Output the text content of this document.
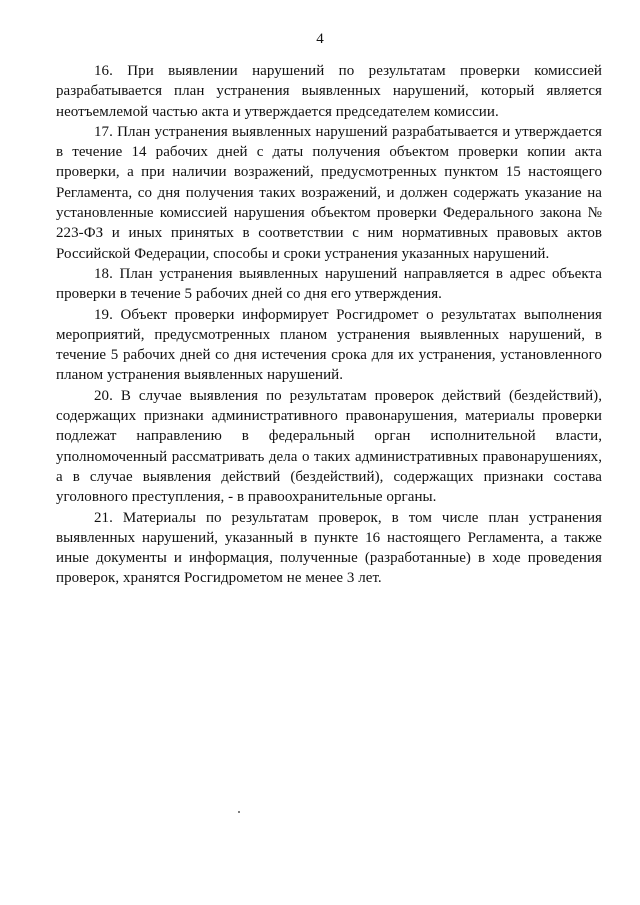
4

16. При выявлении нарушений по результатам проверки комиссией разрабатывается план устранения выявленных нарушений, который является неотъемлемой частью акта и утверждается председателем комиссии.

17. План устранения выявленных нарушений разрабатывается и утверждается в течение 14 рабочих дней с даты получения объектом проверки копии акта проверки, а при наличии возражений, предусмотренных пунктом 15 настоящего Регламента, со дня получения таких возражений, и должен содержать указание на установленные комиссией нарушения объектом проверки Федерального закона № 223-ФЗ и иных принятых в соответствии с ним нормативных правовых актов Российской Федерации, способы и сроки устранения указанных нарушений.

18. План устранения выявленных нарушений направляется в адрес объекта проверки в течение 5 рабочих дней со дня его утверждения.

19. Объект проверки информирует Росгидромет о результатах выполнения мероприятий, предусмотренных планом устранения выявленных нарушений, в течение 5 рабочих дней со дня истечения срока для их устранения, установленного планом устранения выявленных нарушений.

20. В случае выявления по результатам проверок действий (бездействий), содержащих признаки административного правонарушения, материалы проверки подлежат направлению в федеральный орган исполнительной власти, уполномоченный рассматривать дела о таких административных правонарушениях, а в случае выявления действий (бездействий), содержащих признаки состава уголовного преступления, - в правоохранительные органы.

21. Материалы по результатам проверок, в том числе план устранения выявленных нарушений, указанный в пункте 16 настоящего Регламента, а также иные документы и информация, полученные (разработанные) в ходе проведения проверок, хранятся Росгидрометом не менее 3 лет.
